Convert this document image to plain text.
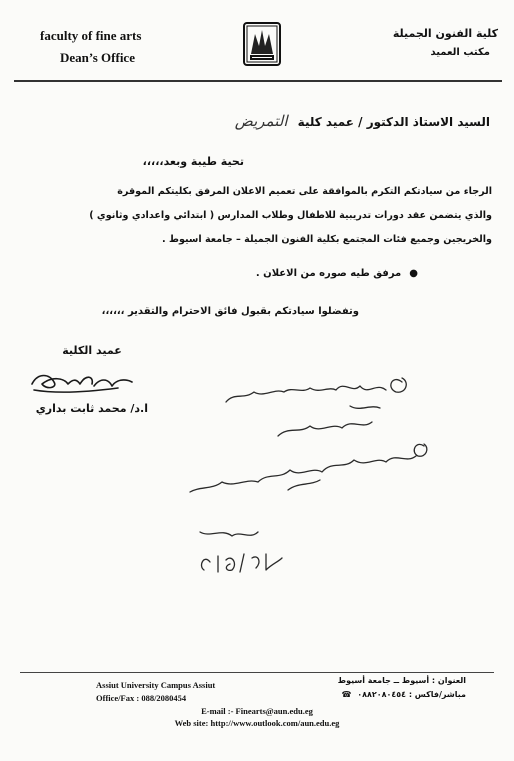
faculty of fine arts
Dean’s Office
كلية الفنون الجميلة
مكتب العميد
السيد الاستاذ الدكتور / عميد كلية التمريض
تحية طيبة وبعد،،،،،
الرجاء من سيادتكم التكرم بالموافقة على تعميم الاعلان المرفق بكليتكم الموقرة
والذي يتضمن عقد دورات تدريبية للاطفال وطلاب المدارس ( ابتدائي واعدادي وثانوي )
والخريجين وجميع فئات المجتمع بكلية الفنون الجميلة – جامعة اسيوط .
●مرفق طيه صوره من الاعلان .
وتفضلوا سيادتكم بقبول فائق الاحترام والتقدير ،،،،،،
عميد الكلية
ا.د/ محمد ثابت بداري
Assiut University Campus Assiut
Office/Fax : 088/2080454
العنوان : أسيوط ــ جامعة أسيوط
مباشر/فاكس : ٠٨٨٢٠٨٠٤٥٤ ☎
E-mail :- Finearts@aun.edu.eg
Web site: http://www.outlook.com/aun.edu.eg
